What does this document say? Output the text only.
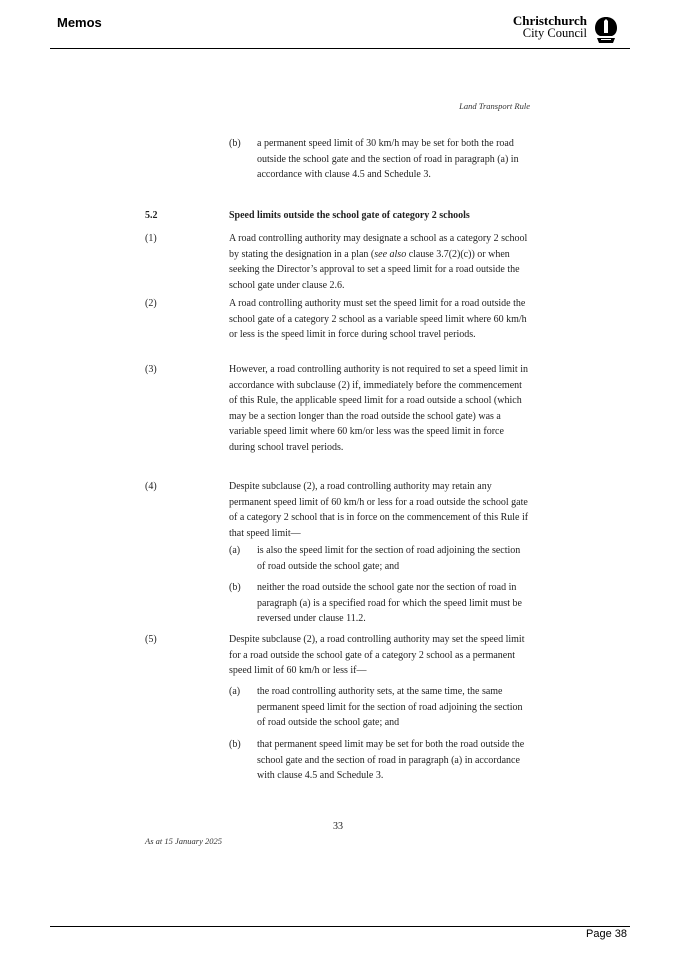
Memos	Christchurch
City Council
Land Transport Rule
(b) a permanent speed limit of 30 km/h may be set for both the road outside the school gate and the section of road in paragraph (a) in accordance with clause 4.5 and Schedule 3.
5.2	Speed limits outside the school gate of category 2 schools
(1)	A road controlling authority may designate a school as a category 2 school by stating the designation in a plan (see also clause 3.7(2)(c)) or when seeking the Director’s approval to set a speed limit for a road outside the school gate under clause 2.6.
(2)	A road controlling authority must set the speed limit for a road outside the school gate of a category 2 school as a variable speed limit where 60 km/h or less is the speed limit in force during school travel periods.
(3)	However, a road controlling authority is not required to set a speed limit in accordance with subclause (2) if, immediately before the commencement of this Rule, the applicable speed limit for a road outside a school (which may be a section longer than the road outside the school gate) was a variable speed limit where 60 km/or less was the speed limit in force during school travel periods.
(4)	Despite subclause (2), a road controlling authority may retain any permanent speed limit of 60 km/h or less for a road outside the school gate of a category 2 school that is in force on the commencement of this Rule if that speed limit—
(a) is also the speed limit for the section of road adjoining the section of road outside the school gate; and
(b) neither the road outside the school gate nor the section of road in paragraph (a) is a specified road for which the speed limit must be reversed under clause 11.2.
(5)	Despite subclause (2), a road controlling authority may set the speed limit for a road outside the school gate of a category 2 school as a permanent speed limit of 60 km/h or less if—
(a) the road controlling authority sets, at the same time, the same permanent speed limit for the section of road adjoining the section of road outside the school gate; and
(b) that permanent speed limit may be set for both the road outside the school gate and the section of road in paragraph (a) in accordance with clause 4.5 and Schedule 3.
33
As at 15 January 2025
Page 38
